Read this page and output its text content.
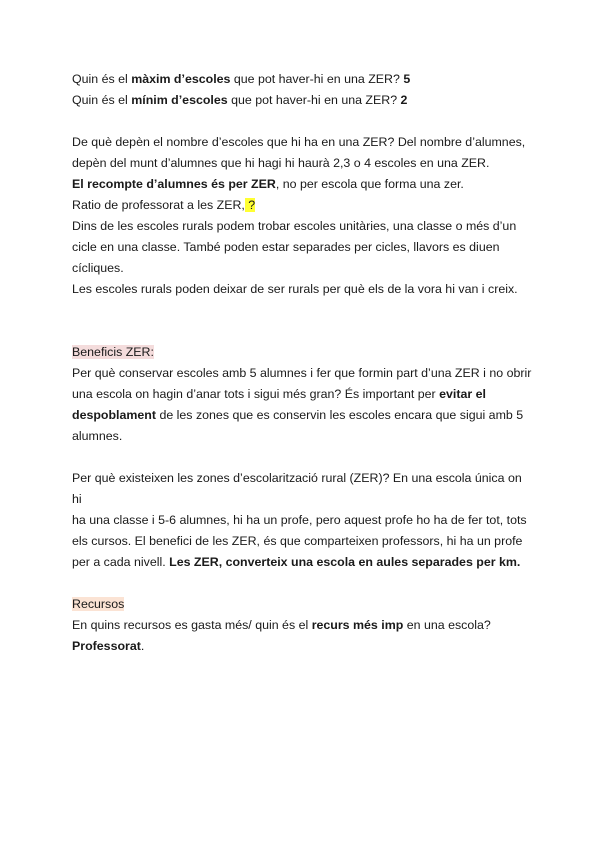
Quin és el màxim d’escoles que pot haver-hi en una ZER? 5

Quin és el mínim d’escoles que pot haver-hi en una ZER? 2

De què depèn el nombre d’escoles que hi ha en una ZER? Del nombre d’alumnes,

depèn del munt d’alumnes que hi hagi hi haurà 2,3 o 4 escoles en una ZER.

El recompte d’alumnes és per ZER, no per escola que forma una zer.

Ratio de professorat a les ZER, ?

Dins de les escoles rurals podem trobar escoles unitàries, una classe o més d’un

cicle en una classe. També poden estar separades per cicles, llavors es diuen

cícliques.

Les escoles rurals poden deixar de ser rurals per què els de la vora hi van i creix.

Beneficis ZER:

Per què conservar escoles amb 5 alumnes i fer que formin part d’una ZER i no obrir

una escola on hagin d’anar tots i sigui més gran? És important per evitar el

despoblament de les zones que es conservin les escoles encara que sigui amb 5

alumnes.

Per què existeixen les zones d’escolarització rural (ZER)? En una escola única on hi

ha una classe i 5-6 alumnes, hi ha un profe, pero aquest profe ho ha de fer tot, tots

els cursos. El benefici de les ZER, és que comparteixen professors, hi ha un profe

per a cada nivell. Les ZER, converteix una escola en aules separades per km.

Recursos

En quins recursos es gasta més/ quin és el recurs més imp en una escola?

Professorat.
